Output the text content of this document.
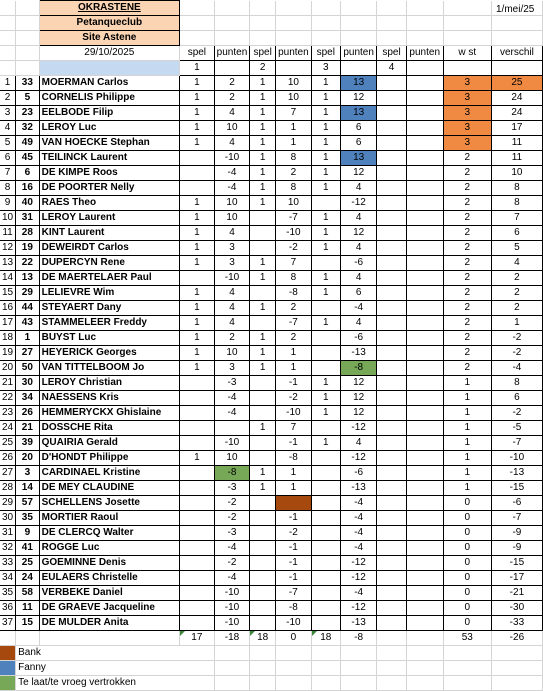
		OKRASTENE										
		Petanqueclub										
		Site Astene										
		29/10/2025	spel	punten	spel	punten	spel	punten	spel	punten	w st	verschil
			1		2		3		4			
1	33	MOERMAN Carlos	1	2	1	10	1	13			3	25
2	5	CORNELIS Philippe	1	2	1	10	1	12			3	24
3	23	EELBODE Filip	1	4	1	7	1	13			3	24
4	32	LEROY Luc	1	10	1	1	1	6			3	17
5	49	VAN HOECKE Stephan	1	4	1	1	1	6			3	11
6	45	TEILINCK Laurent		-10	1	8	1	13			2	11
7	6	DE KIMPE Roos		-4	1	2	1	12			2	10
8	16	DE POORTER Nelly		-4	1	8	1	4			2	8
9	40	RAES Theo	1	10	1	10		-12			2	8
10	31	LEROY Laurent	1	10		-7	1	4			2	7
11	28	KINT Laurent	1	4		-10	1	12			2	6
12	19	DEWEIRDT Carlos	1	3		-2	1	4			2	5
13	22	DUPERCYN Rene	1	3	1	7		-6			2	4
14	13	DE MAERTELAER Paul		-10	1	8	1	4			2	2
15	29	LELIEVRE Wim	1	4		-8	1	6			2	2
16	44	STEYAERT Dany	1	4	1	2		-4			2	2
17	43	STAMMELEER Freddy	1	4		-7	1	4			2	1
18	1	BUYST Luc	1	2	1	2		-6			2	-2
19	27	HEYERICK Georges	1	10	1	1		-13			2	-2
20	50	VAN TITTELBOOM Jo	1	3	1	1		-8			2	-4
21	30	LEROY Christian		-3		-1	1	12			1	8
22	34	NAESSENS Kris		-4		-2	1	12			1	6
23	26	HEMMERYCKX Ghislaine		-4		-10	1	12			1	-2
24	21	DOSSCHE Rita			1	7		-12			1	-5
25	39	QUAIRIA Gerald		-10		-1	1	4			1	-7
26	20	D'HONDT Philippe	1	10		-8		-12			1	-10
27	3	CARDINAEL Kristine		-8	1	1		-6			1	-13
28	14	DE MEY CLAUDINE		-3	1	1		-13			1	-15
29	57	SCHELLENS Josette		-2				-4			0	-6
30	35	MORTIER Raoul		-2		-1		-4			0	-7
31	9	DE CLERCQ Walter		-3		-2		-4			0	-9
32	41	ROGGE Luc		-4		-1		-4			0	-9
33	25	GOEMINNE Denis		-2		-1		-12			0	-15
34	24	EULAERS Christelle		-4		-1		-12			0	-17
35	58	VERBEKE Daniel		-10		-7		-4			0	-21
36	11	DE GRAEVE Jacqueline		-10		-8		-12			0	-30
37	15	DE MULDER Anita		-10		-10		-13			0	-33
			17	-18	18	0	18	-8			53	-26
	Bank											
	Fanny											
	Te laat/te vroeg vertrokken											
1/mei/25
